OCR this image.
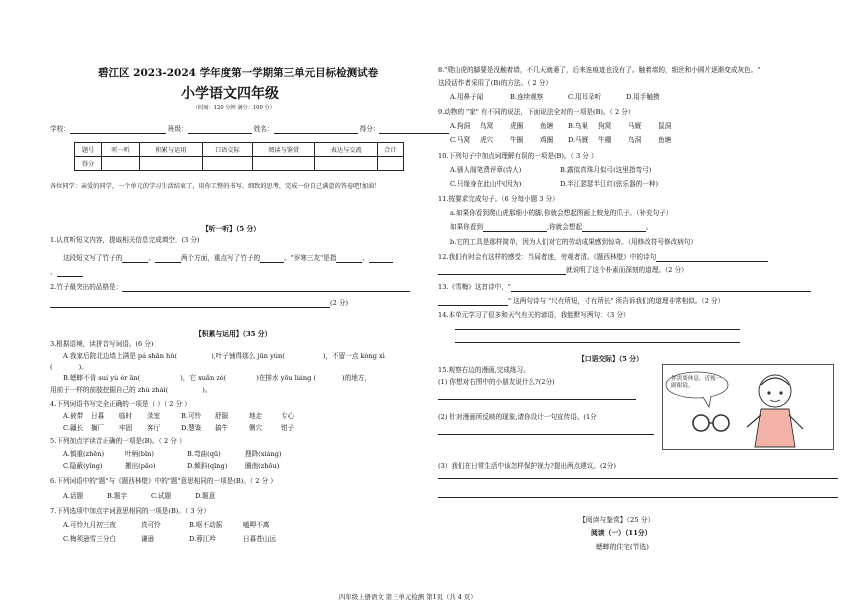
碧江区 2023-2024 学年度第一学期第三单元目标检测试卷
小学语文四年级
（时间：120 分钟 满分：100 分）
学校：	班级：	姓名：	得分：
题号	听一听	积累与运用	口语交际	阅读与鉴赏	表达与交流	合计
得分						
各位同学：亲爱的同学，一个单元的学习生活结束了，用你工整的书写、细致的思考，完成一份自己满意的答卷吧!加油！
【听一听】（5 分）
1.认真听短文内容，提取相关信息完成填空．(3 分)
这段短文写了竹子的	、	两个方面，重点写了竹子的	。"岁寒三友"是指	、
、
2.竹子最突出的品格是：
(2 分)
【积累与运用】（35 分）
3.根据语境，读拼音写词语。(6 分)
A 我家后院北边墙上满是 pá shān hǔ(	),叶子铺得那么 jūn yún(	)，不留一点 kòng xì
(	)。
B.蟋蟀不肯 suí yù ér ān(	)，它 xuǎn zé(	)在排水 yōu liáng (	)的地方，
用前于一样的前肢挖掘自己的 zhù zhái(	)。
4.下列词语书写完全正确的一项是（ ）（ 2 分 ）
A.被带 日暮 临时 录室	B.可怜 舒服	地走	专心
C.疆长 搁厂 牢固 客厅	D.慧鉴 搞牛	侧穴	钳子
5.下列加点字读音正确的一项是(B)。（ 2 分 ）
A.慎重(zhēn)	叶柄(bǐn)	B.弯曲(qū)	搜降(xiáng)
C.隐蔽(yǐng)	搬出(pāo)	D.倾斜(qīng)	圈南(zhōu)
6.下列词语中的"题"与《题西林壁》中的"题"意思相同的一项是(B)。（ 2 分 ）
A.话题	B.题字	C.试题	D.题意
7.下列选项中加点字词意思相同的一项是(B)。（ 3 分）
A.可怜九月初三夜	真可怜	B.呕不动摇	嗑呷不离
C.梅须逊雪三分白	谦逊	D.蓉江吟	日暮苍山远
8."爬山虎的脚要是没触着墙，不几天就萎了，后来连痕迹也没有了。触着墙的，细丝和小圆片逐渐变成灰色。"
这段话作者采用了(B)的方法。（ 2 分）
A.用鼻子闻	B.连续观察	C.用耳朵听	D.用手触摸
9.动物的 "家" 有不同的说法，下面说法全对的一项是(B)。（ 2 分）
A.狗洞 鸟窝	虎圈	鱼塘 B.鸟巢 狗窝	马厩	鼠洞
C.马窝 虎穴	牛圈	鸡圈 D.马厩 牛棚	鸟洞	鱼塘
10.下列句子中加点词理解有误的一项是(B)。（ 3 分 ）
A.骚人阁笔费评章(诗人)	B.露似真珠月似弓(这里指弯弓)
C.只缘身在此山中(因为)	D.半江瑟瑟半江红(弦乐器的一种)
11.按要求完成句子。（6 分每小题 3 分）
a.如果你看到爬山虎那细小的脚,你就会想起图画上蛟龙的爪子。（补充句子）
如果你看到	,你就会想起	。
b.它的工具是那样简单，因为人们对它的劳动成果感到惊奇。（用修改符号修改病句）
12.我们有时会有这样的感受：当局者迷，旁观者清。《题西林壁》中的诗句
就说明了这个朴素而深刻的道理。（2 分）
13.《雪梅》这首诗中，"
" 这两句诗与 "尺有所短，寸有所长" 所告诉我们的道理非常相似。（2 分）
14.本单元学习了很多和天气有关的谚语，我能默写两句：（3 分）
【口语交际】（5 分）
15.观察右边的漫画,完成练习。
(1) 你想对右图中的小朋友说什么?(2分)
(2) 针对漫画所反映的现象,请你设计一句宣传语。(1分
(3）我们在日常生活中该怎样保护视力?提出两点建议。(2分)
你需要休息，近视一副眼镜。
【阅读与鉴赏】（25 分）
阅读（一）（11分）
蟋蟀的住宅(节选)
四年级上册语文 第三单元检测 第1页（共 4 页）
